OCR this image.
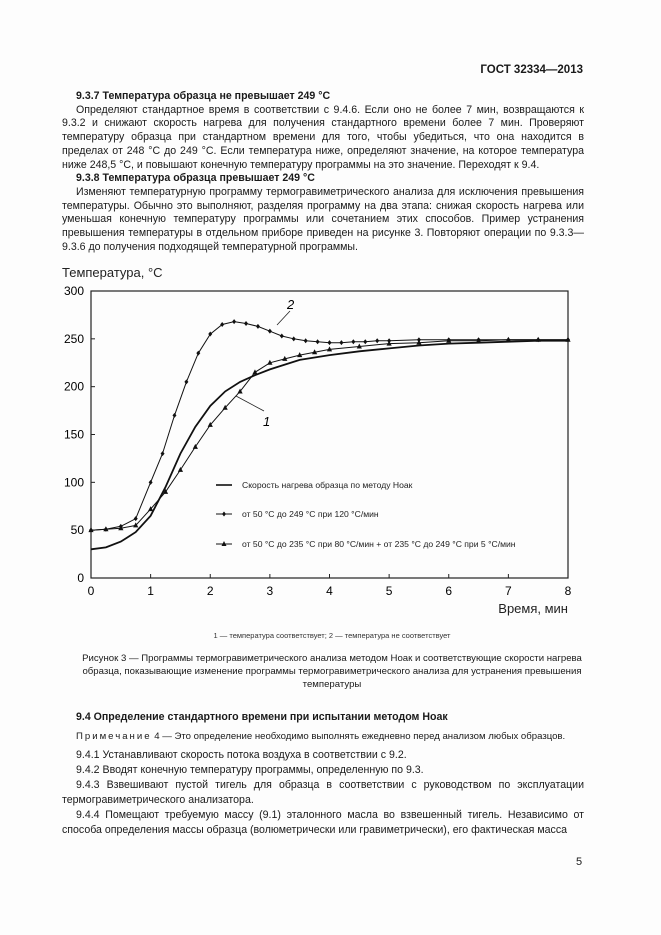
ГОСТ 32334—2013
9.3.7 Температура образца не превышает 249 °С
Определяют стандартное время в соответствии с 9.4.6. Если оно не более 7 мин, возвращаются к 9.3.2 и снижают скорость нагрева для получения стандартного времени более 7 мин. Проверяют температуру образца при стандартном времени для того, чтобы убедиться, что она находится в пределах от 248 °С до 249 °С. Если температура ниже, определяют значение, на которое температура ниже 248,5 °С, и повышают конечную температуру программы на это значение. Переходят к 9.4.
9.3.8 Температура образца превышает 249 °С
Изменяют температурную программу термогравиметрического анализа для исключения превышения температуры. Обычно это выполняют, разделяя программу на два этапа: снижая скорость нагрева или уменьшая конечную температуру программы или сочетанием этих способов. Пример устранения превышения температуры в отдельном приборе приведен на рисунке 3. Повторяют операции по 9.3.3—9.3.6 до получения подходящей температурной программы.
Температура, °С
Время, мин
0	1	2	3	4	5	6	7	8
0
50
100
150
200
250
300
Скорость нагрева образца по методу Ноак
от 50 °С до 249 °С при 120 °С/мин
от 50 °С до 235 °С при 80 °С/мин + от 235 °С до 249 °С при 5 °С/мин
1
2
1 — температура соответствует; 2 — температура не соответствует
Рисунок 3 — Программы термогравиметрического анализа методом Ноак и соответствующие скорости нагрева образца, показывающие изменение программы термогравиметрического анализа для устранения превышения температуры
9.4 Определение стандартного времени при испытании методом Ноак
Примечание 4 — Это определение необходимо выполнять ежедневно перед анализом любых образцов.
9.4.1 Устанавливают скорость потока воздуха в соответствии с 9.2.
9.4.2 Вводят конечную температуру программы, определенную по 9.3.
9.4.3 Взвешивают пустой тигель для образца в соответствии с руководством по эксплуатации термогравиметрического анализатора.
9.4.4 Помещают требуемую массу (9.1) эталонного масла во взвешенный тигель. Независимо от способа определения массы образца (волюметрически или гравиметрически), его фактическая масса
5
